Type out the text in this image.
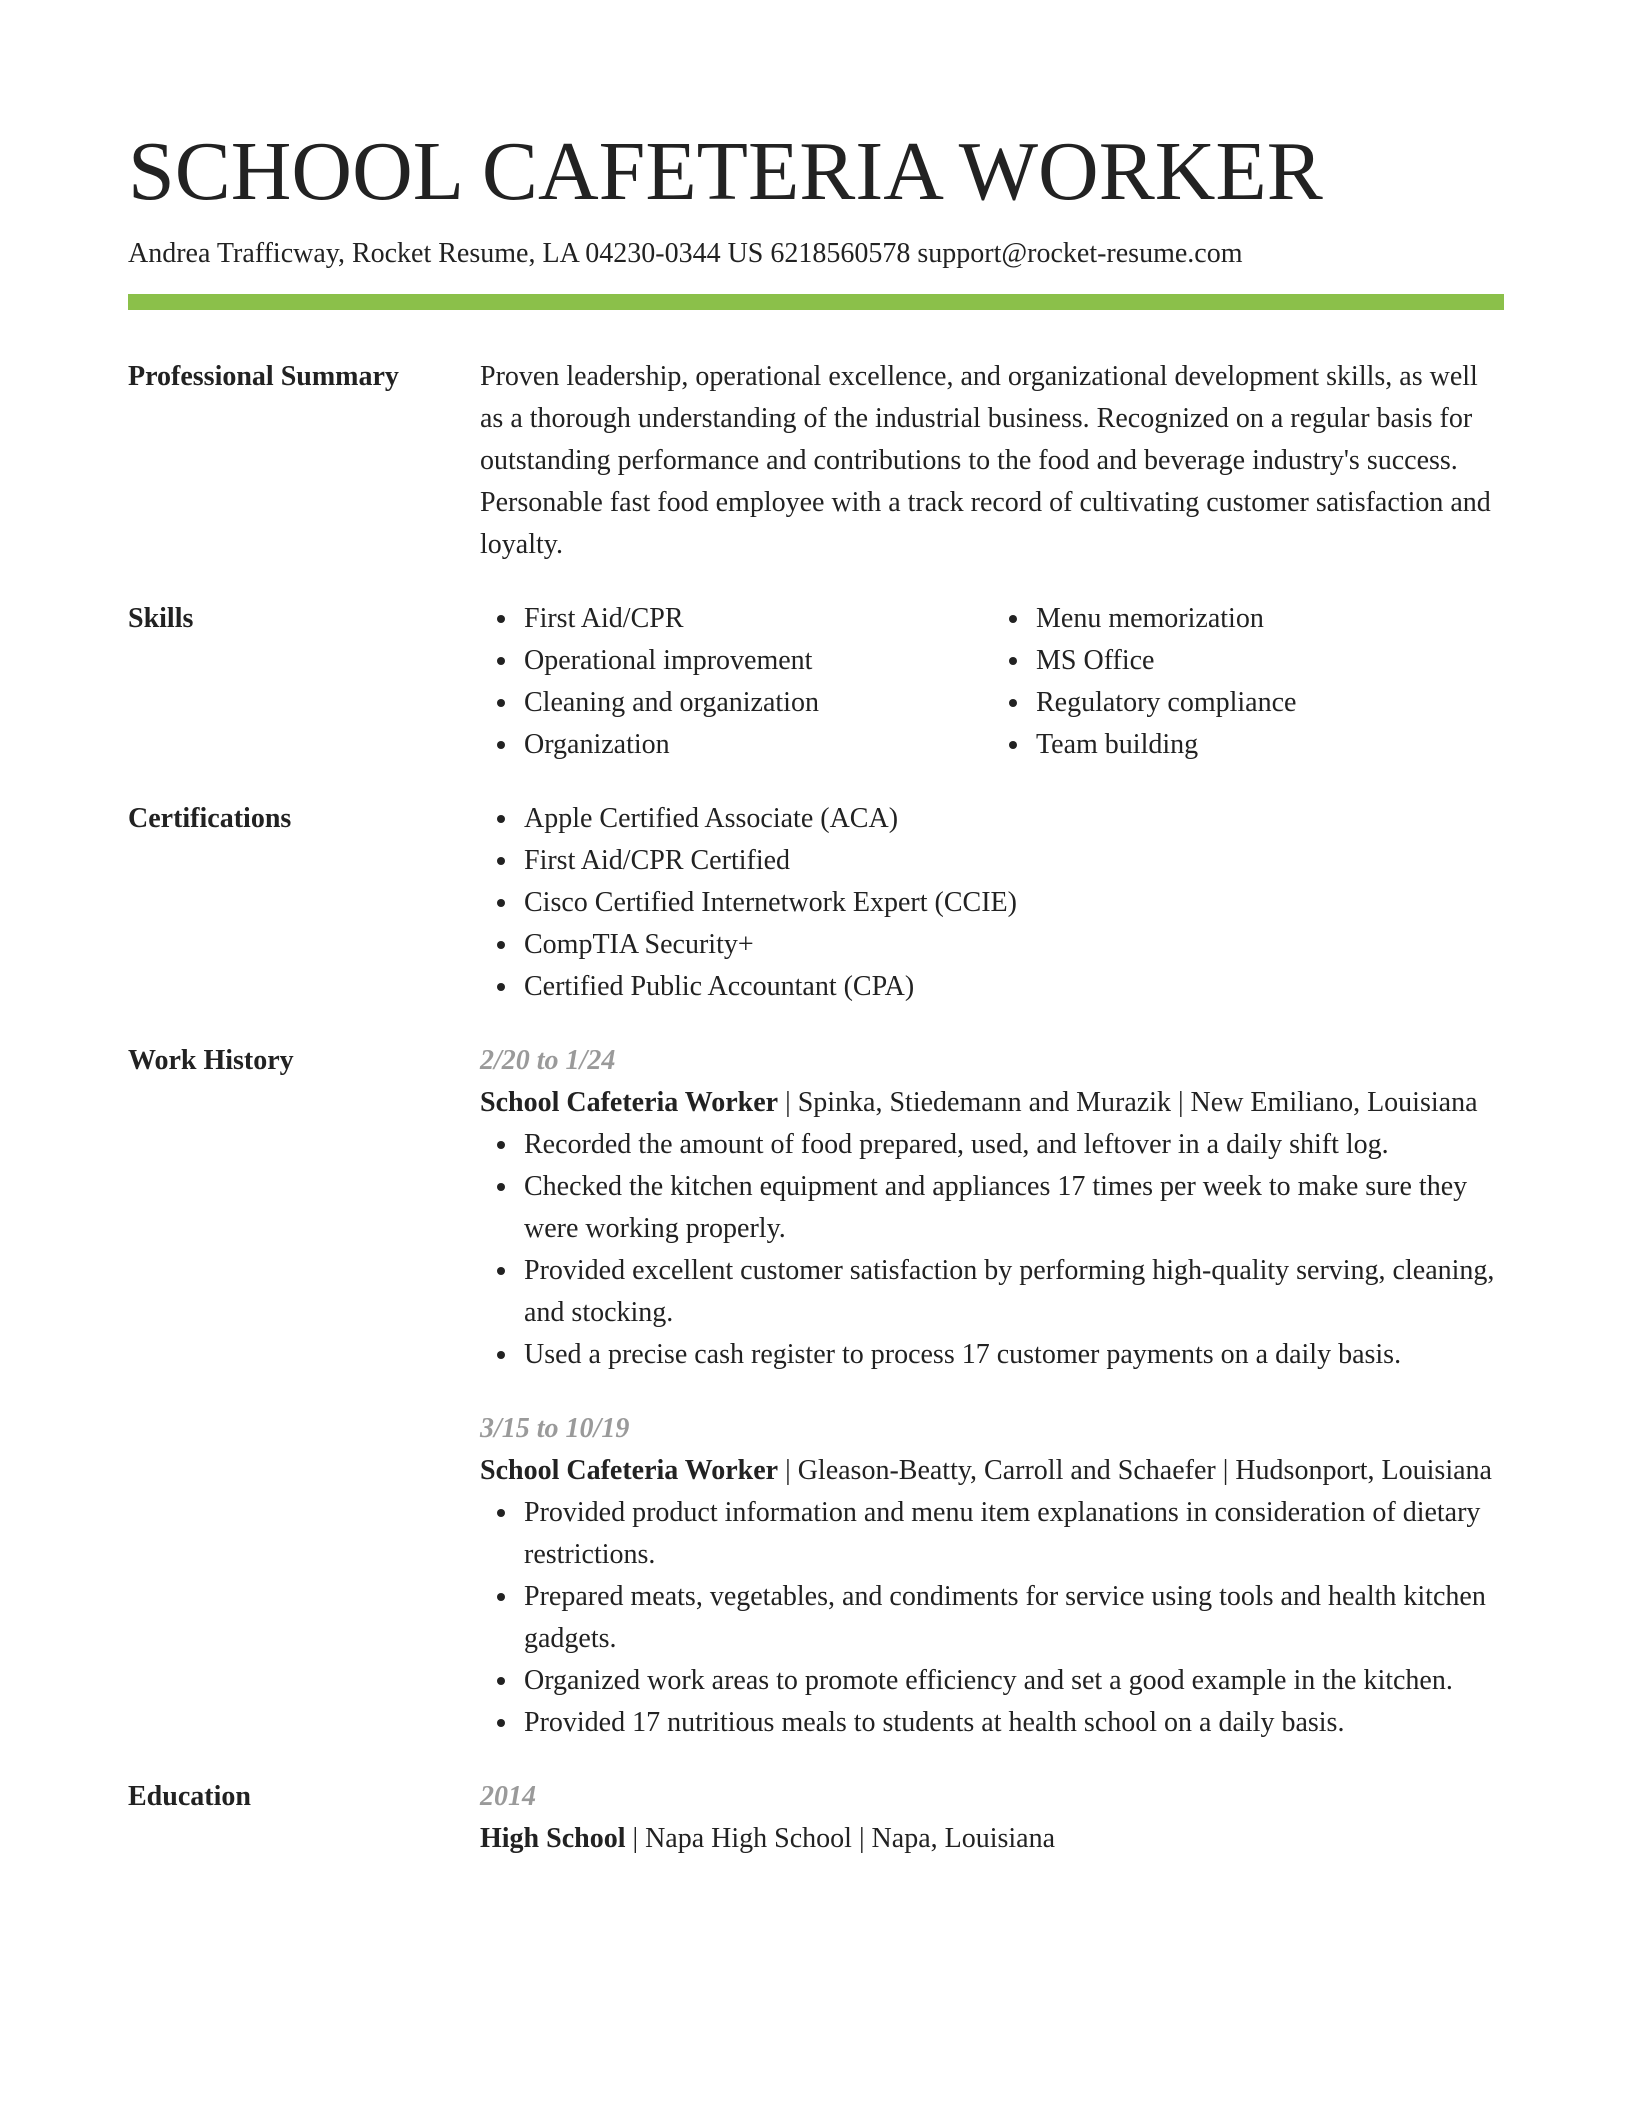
SCHOOL CAFETERIA WORKER
Andrea Trafficway, Rocket Resume, LA 04230-0344 US 6218560578 support@rocket-resume.com
Professional Summary	Proven leadership, operational excellence, and organizational development skills, as well as a thorough understanding of the industrial business. Recognized on a regular basis for outstanding performance and contributions to the food and beverage industry's success. Personable fast food employee with a track record of cultivating customer satisfaction and loyalty.
Skills	First Aid/CPR
Operational improvement
Cleaning and organization
Organization
Menu memorization
MS Office
Regulatory compliance
Team building
Certifications	Apple Certified Associate (ACA)
First Aid/CPR Certified
Cisco Certified Internetwork Expert (CCIE)
CompTIA Security+
Certified Public Accountant (CPA)
Work History	2/20 to 1/24
School Cafeteria Worker | Spinka, Stiedemann and Murazik | New Emiliano, Louisiana
Recorded the amount of food prepared, used, and leftover in a daily shift log.
Checked the kitchen equipment and appliances 17 times per week to make sure they were working properly.
Provided excellent customer satisfaction by performing high-quality serving, cleaning, and stocking.
Used a precise cash register to process 17 customer payments on a daily basis.
3/15 to 10/19
School Cafeteria Worker | Gleason-Beatty, Carroll and Schaefer | Hudsonport, Louisiana
Provided product information and menu item explanations in consideration of dietary restrictions.
Prepared meats, vegetables, and condiments for service using tools and health kitchen gadgets.
Organized work areas to promote efficiency and set a good example in the kitchen.
Provided 17 nutritious meals to students at health school on a daily basis.
Education	2014
High School | Napa High School | Napa, Louisiana
